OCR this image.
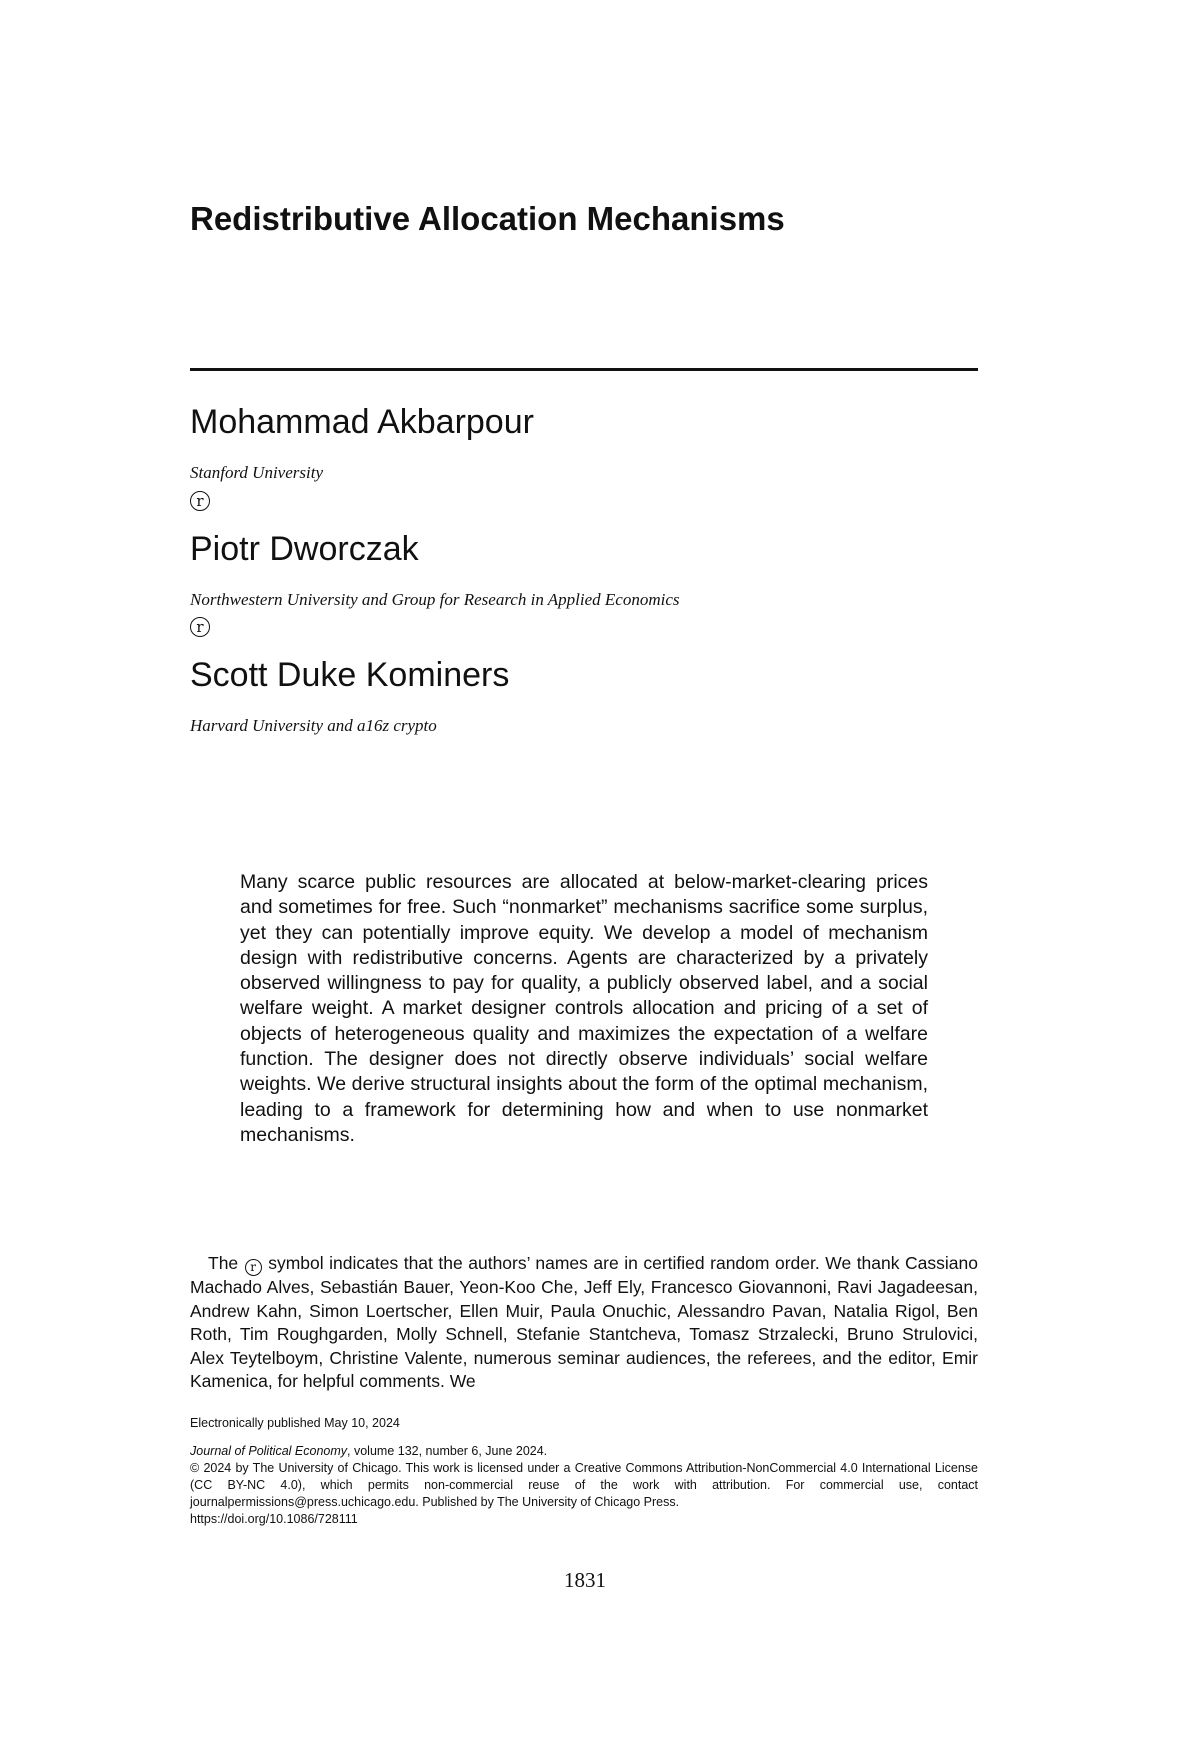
Redistributive Allocation Mechanisms
Mohammad Akbarpour

Stanford University

r
Piotr Dworczak

Northwestern University and Group for Research in Applied Economics

r
Scott Duke Kominers

Harvard University and a16z crypto

Many scarce public resources are allocated at below-market-clearing prices and sometimes for free. Such “nonmarket” mechanisms sacrifice some surplus, yet they can potentially improve equity. We develop a model of mechanism design with redistributive concerns. Agents are characterized by a privately observed willingness to pay for quality, a publicly observed label, and a social welfare weight. A market designer controls allocation and pricing of a set of objects of heterogeneous quality and maximizes the expectation of a welfare function. The designer does not directly observe individuals’ social welfare weights. We derive structural insights about the form of the optimal mechanism, leading to a framework for determining how and when to use nonmarket mechanisms.

The r symbol indicates that the authors’ names are in certified random order. We thank Cassiano Machado Alves, Sebastián Bauer, Yeon-Koo Che, Jeff Ely, Francesco Giovannoni, Ravi Jagadeesan, Andrew Kahn, Simon Loertscher, Ellen Muir, Paula Onuchic, Alessandro Pavan, Natalia Rigol, Ben Roth, Tim Roughgarden, Molly Schnell, Stefanie Stantcheva, Tomasz Strzalecki, Bruno Strulovici, Alex Teytelboym, Christine Valente, numerous seminar audiences, the referees, and the editor, Emir Kamenica, for helpful comments. We

Electronically published May 10, 2024

Journal of Political Economy, volume 132, number 6, June 2024.
© 2024 by The University of Chicago. This work is licensed under a Creative Commons Attribution-NonCommercial 4.0 International License (CC BY-NC 4.0), which permits non-commercial reuse of the work with attribution. For commercial use, contact journalpermissions@press.uchicago.edu. Published by The University of Chicago Press.
https://doi.org/10.1086/728111

1831
